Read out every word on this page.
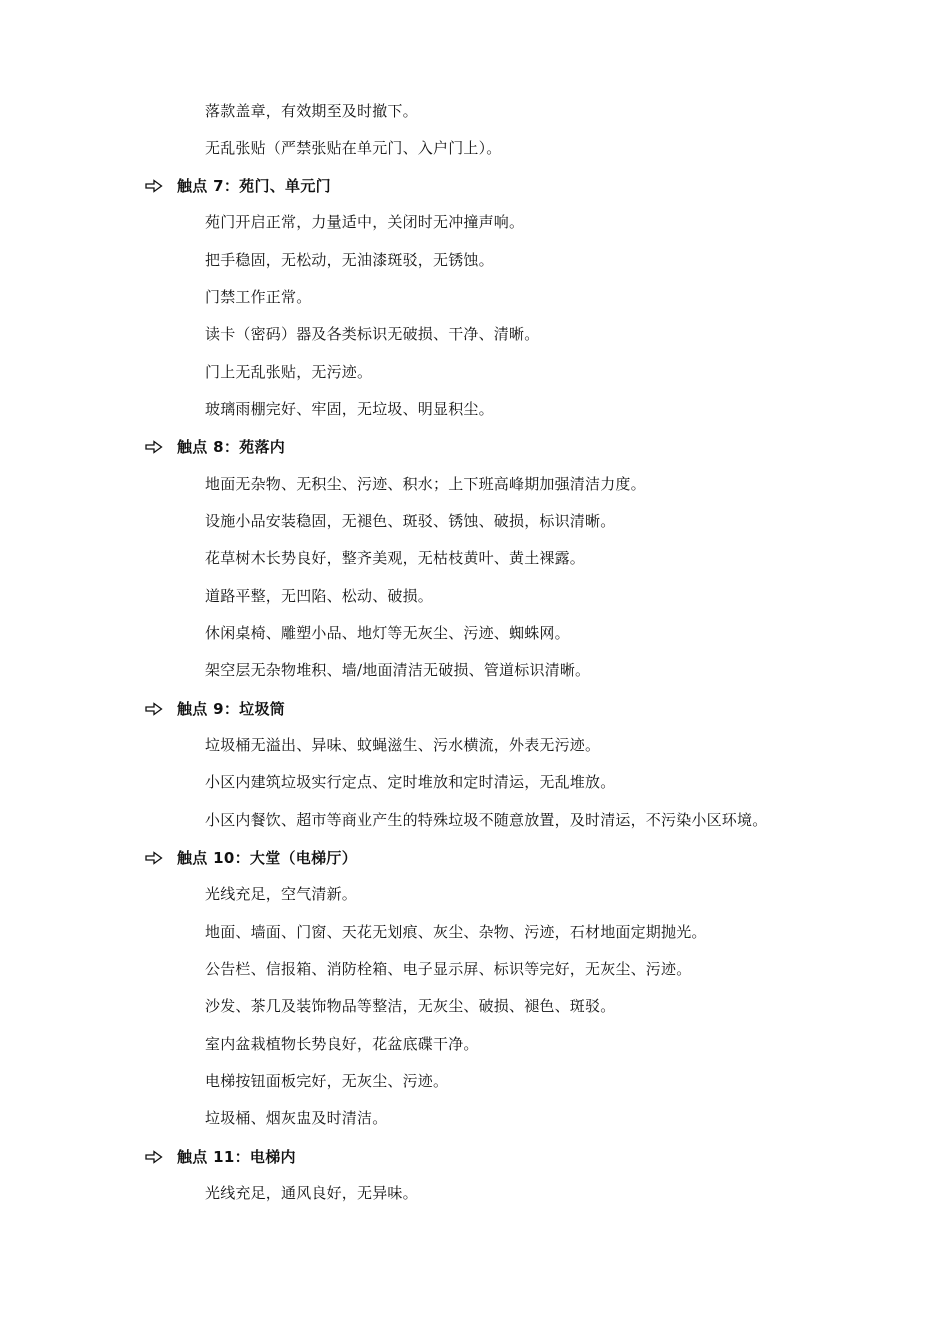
落款盖章，有效期至及时撤下。
无乱张贴（严禁张贴在单元门、入户门上）。
触点 7：苑门、单元门
苑门开启正常，力量适中，关闭时无冲撞声响。
把手稳固，无松动，无油漆斑驳，无锈蚀。
门禁工作正常。
读卡（密码）器及各类标识无破损、干净、清晰。
门上无乱张贴，无污迹。
玻璃雨棚完好、牢固，无垃圾、明显积尘。
触点 8：苑落内
地面无杂物、无积尘、污迹、积水；上下班高峰期加强清洁力度。
设施小品安装稳固，无褪色、斑驳、锈蚀、破损，标识清晰。
花草树木长势良好，整齐美观，无枯枝黄叶、黄土裸露。
道路平整，无凹陷、松动、破损。
休闲桌椅、雕塑小品、地灯等无灰尘、污迹、蜘蛛网。
架空层无杂物堆积、墙/地面清洁无破损、管道标识清晰。
触点 9：垃圾筒
垃圾桶无溢出、异味、蚊蝇滋生、污水横流，外表无污迹。
小区内建筑垃圾实行定点、定时堆放和定时清运，无乱堆放。
小区内餐饮、超市等商业产生的特殊垃圾不随意放置，及时清运，不污染小区环境。
触点 10：大堂（电梯厅）
光线充足，空气清新。
地面、墙面、门窗、天花无划痕、灰尘、杂物、污迹，石材地面定期抛光。
公告栏、信报箱、消防栓箱、电子显示屏、标识等完好，无灰尘、污迹。
沙发、茶几及装饰物品等整洁，无灰尘、破损、褪色、斑驳。
室内盆栽植物长势良好，花盆底碟干净。
电梯按钮面板完好，无灰尘、污迹。
垃圾桶、烟灰盅及时清洁。
触点 11：电梯内
光线充足，通风良好，无异味。
